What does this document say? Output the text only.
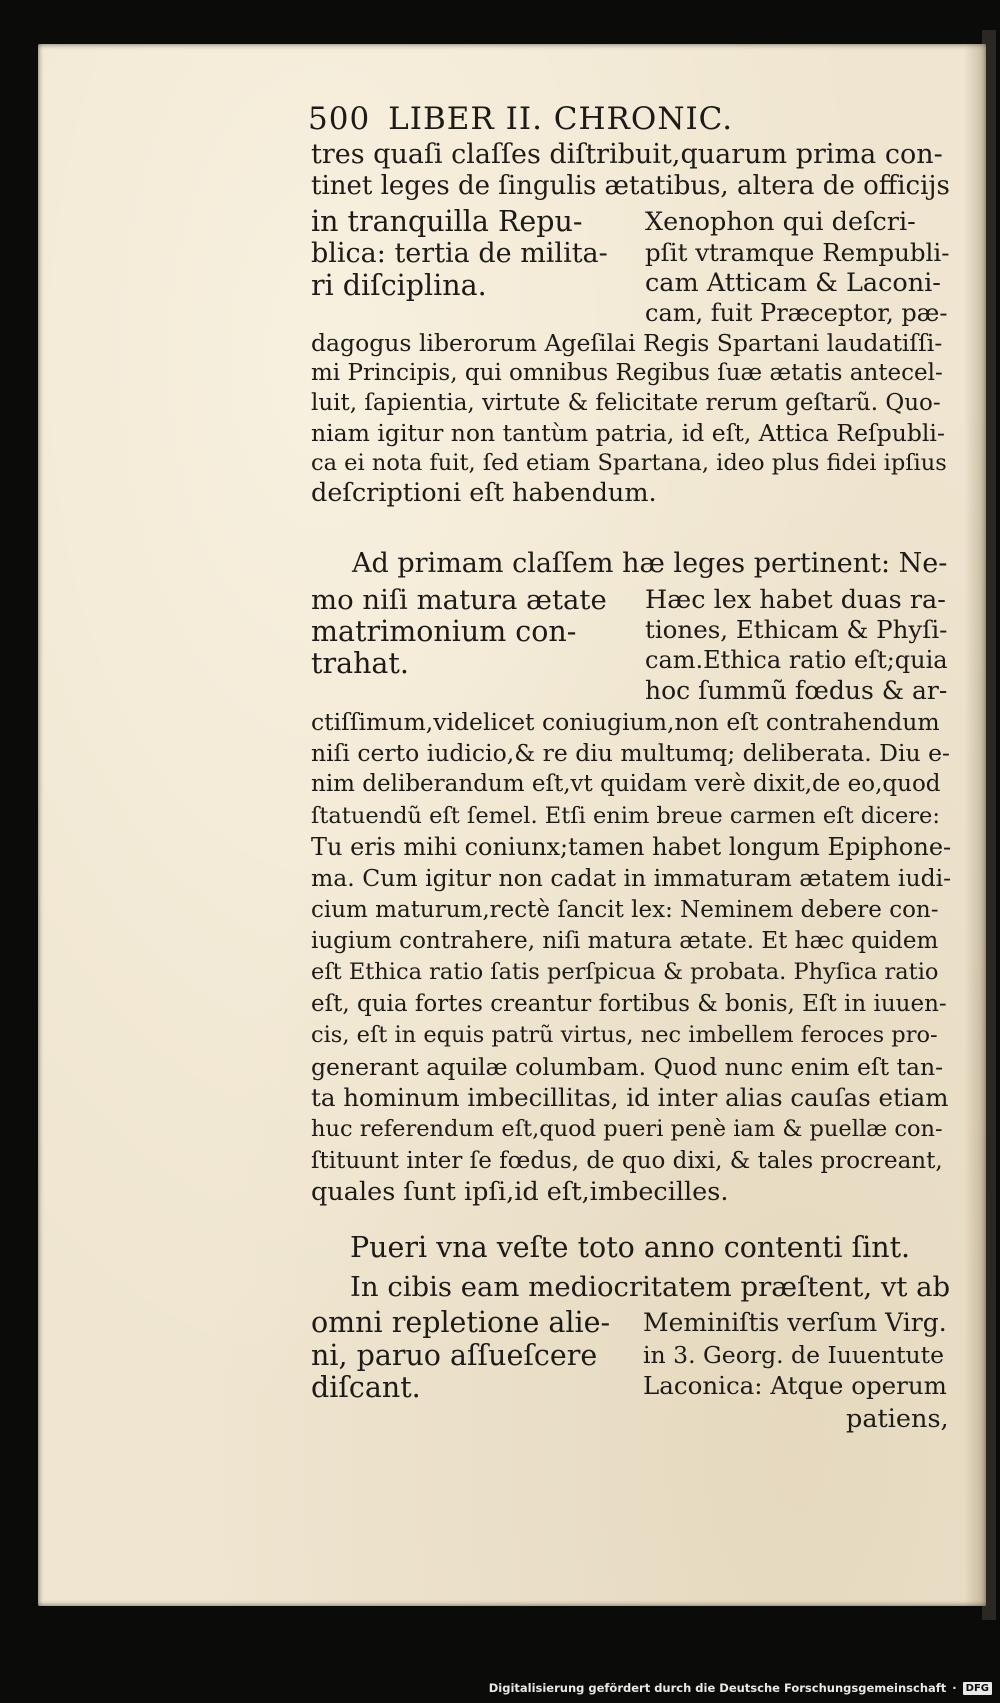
500 LIBER II. CHRONIC.
tres quaſi claſſes diſtribuit,quarum prima con-
tinet leges de ſingulis ætatibus, altera de officijs
in tranquilla Repu-
blica: tertia de milita-
ri diſciplina.
Xenophon qui deſcri-
pſit vtramque Rempubli-
cam Atticam & Laconi-
cam, fuit Præceptor, pæ-
dagogus liberorum Ageſilai Regis Spartani laudatiſſi-
mi Principis, qui omnibus Regibus ſuæ ætatis antecel-
luit, ſapientia, virtute & felicitate rerum geſtarũ. Quo-
niam igitur non tantùm patria, id eſt, Attica Reſpubli-
ca ei nota fuit, ſed etiam Spartana, ideo plus fidei ipſius
deſcriptioni eſt habendum.
Ad primam claſſem hæ leges pertinent: Ne-
mo niſi matura ætate
matrimonium con-
trahat.
Hæc lex habet duas ra-
tiones, Ethicam & Phyſi-
cam.Ethica ratio eſt;quia
hoc ſummũ fœdus & ar-
ctiſſimum,videlicet coniugium,non eſt contrahendum
niſi certo iudicio,& re diu multumq; deliberata. Diu e-
nim deliberandum eſt,vt quidam verè dixit,de eo,quod
ſtatuendũ eſt ſemel. Etſi enim breue carmen eſt dicere:
Tu eris mihi coniunx;tamen habet longum Epiphone-
ma. Cum igitur non cadat in immaturam ætatem iudi-
cium maturum,rectè ſancit lex: Neminem debere con-
iugium contrahere, niſi matura ætate. Et hæc quidem
eſt Ethica ratio ſatis perſpicua & probata. Phyſica ratio
eſt, quia fortes creantur fortibus & bonis, Eſt in iuuen-
cis, eſt in equis patrũ virtus, nec imbellem feroces pro-
generant aquilæ columbam. Quod nunc enim eſt tan-
ta hominum imbecillitas, id inter alias cauſas etiam
huc referendum eſt,quod pueri penè iam & puellæ con-
ſtituunt inter ſe fœdus, de quo dixi, & tales procreant,
quales ſunt ipſi,id eſt,imbecilles.
Pueri vna veſte toto anno contenti ſint.
In cibis eam mediocritatem præſtent, vt ab
omni repletione alie-
ni, paruo aſſueſcere
diſcant.
Meminiſtis verſum Virg.
in 3. Georg. de Iuuentute
Laconica: Atque operum
patiens,
Digitalisierung gefördert durch die Deutsche Forschungsgemeinschaft · DFG
